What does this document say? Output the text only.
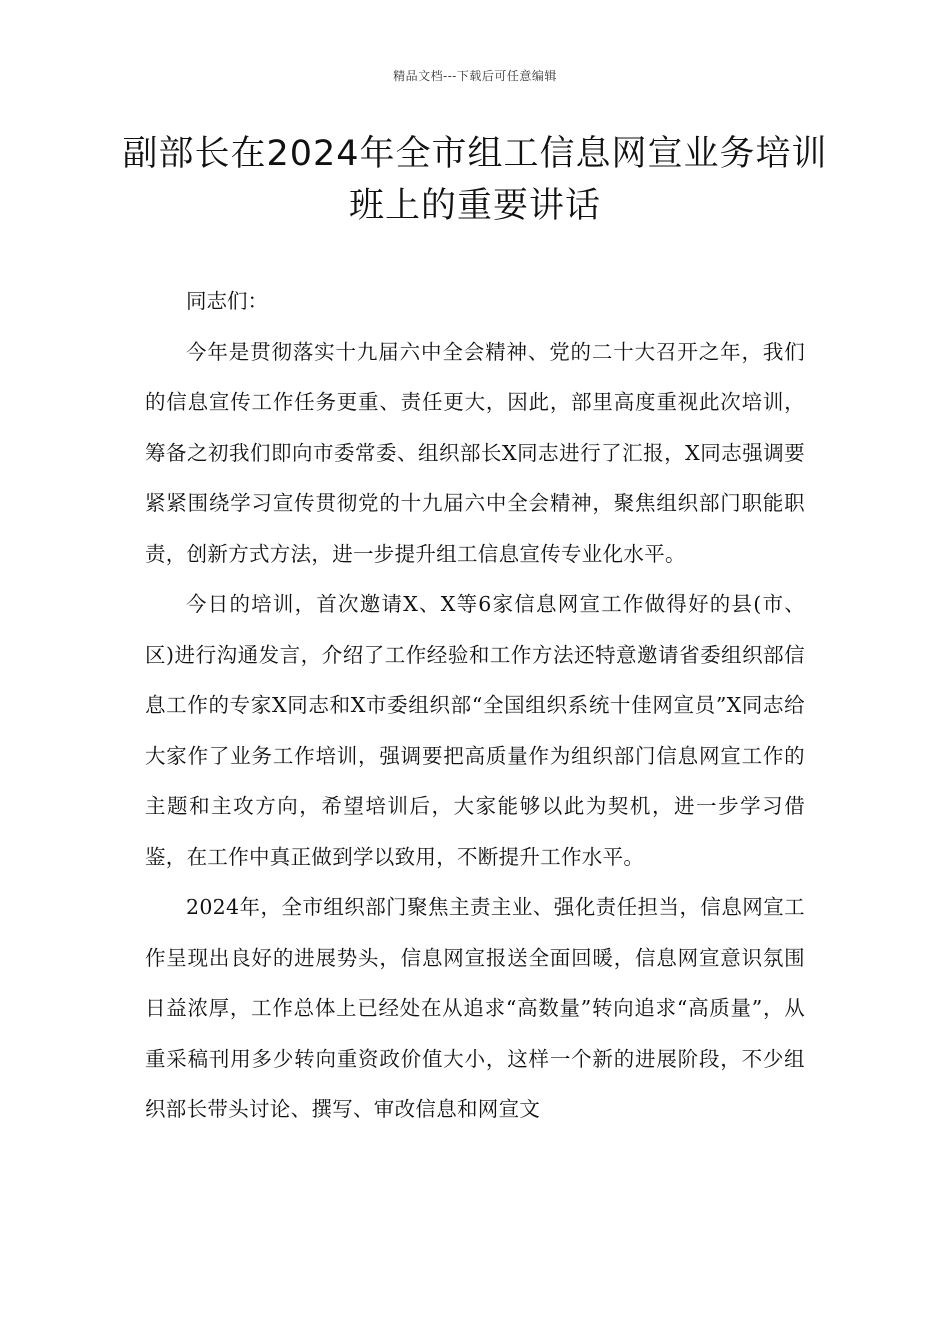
精品文档---下载后可任意编辑
副部长在2024年全市组工信息网宣业务培训班上的重要讲话

同志们：

今年是贯彻落实十九届六中全会精神、党的二十大召开之年，我们的信息宣传工作任务更重、责任更大，因此，部里高度重视此次培训，筹备之初我们即向市委常委、组织部长X同志进行了汇报，X同志强调要紧紧围绕学习宣传贯彻党的十九届六中全会精神，聚焦组织部门职能职责，创新方式方法，进一步提升组工信息宣传专业化水平。

今日的培训，首次邀请X、X等6家信息网宣工作做得好的县(市、区)进行沟通发言，介绍了工作经验和工作方法还特意邀请省委组织部信息工作的专家X同志和X市委组织部“全国组织系统十佳网宣员”X同志给大家作了业务工作培训，强调要把高质量作为组织部门信息网宣工作的主题和主攻方向，希望培训后，大家能够以此为契机，进一步学习借鉴，在工作中真正做到学以致用，不断提升工作水平。

2024年，全市组织部门聚焦主责主业、强化责任担当，信息网宣工作呈现出良好的进展势头，信息网宣报送全面回暖，信息网宣意识氛围日益浓厚，工作总体上已经处在从追求“高数量”转向追求“高质量”，从重采稿刊用多少转向重资政价值大小，这样一个新的进展阶段，不少组织部长带头讨论、撰写、审改信息和网宣文
